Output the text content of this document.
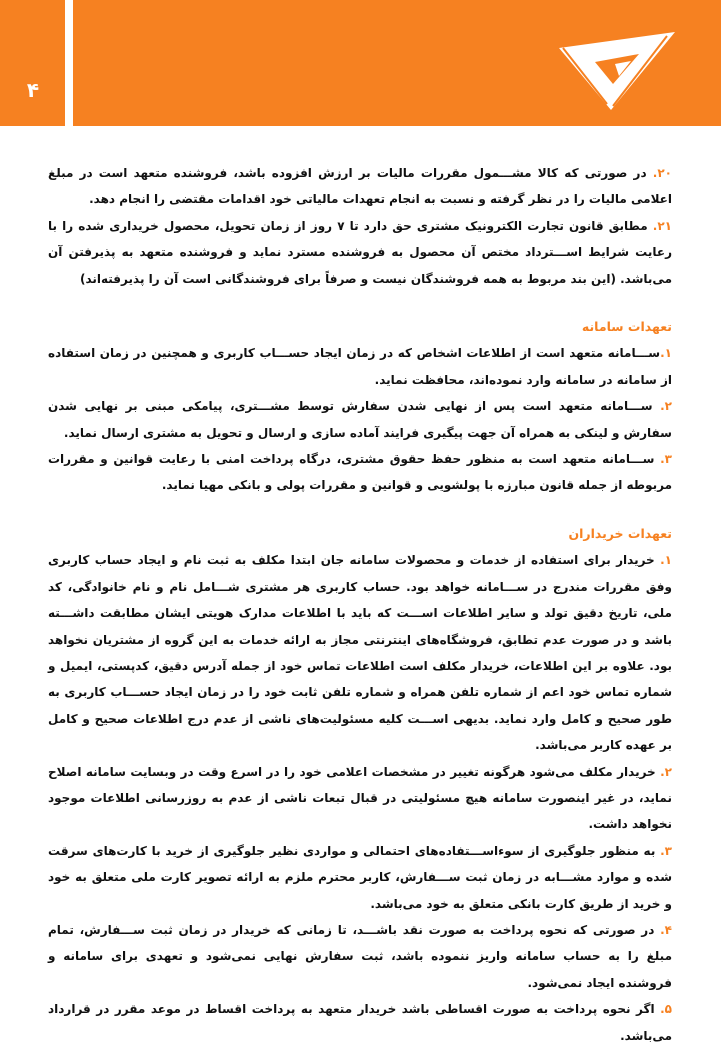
۴

۲۰. در صورتی که کالا مشـــمول مقررات مالیات بر ارزش افزوده باشد، فروشنده متعهد است در مبلغ اعلامی مالیات را در نظر گرفته و نسبت به انجام تعهدات مالیاتی خود اقدامات مقتضی را انجام دهد.

۲۱. مطابق قانون تجارت الکترونیک مشتری حق دارد تا ۷ روز از زمان تحویل، محصول خریداری شده را با رعایت شرایط اســـترداد مختص آن محصول به فروشنده مسترد نماید و فروشنده متعهد به پذیرفتن آن می‌باشد. (این بند مربوط به همه فروشندگان نیست و صرفاً برای فروشندگانی است آن را پذیرفته‌اند)

تعهدات سامانه

۱.ســـامانه متعهد است از اطلاعات اشخاص که در زمان ایجاد حســـاب کاربری و همچنین در زمان استفاده از سامانه در سامانه وارد نموده‌اند، محافظت نماید.

۲. ســـامانه متعهد است پس از نهایی شدن سفارش توسط مشـــتری، پیامکی مبنی بر نهایی شدن سفارش و لینکی به همراه آن جهت پیگیری فرایند آماده سازی و ارسال و تحویل به مشتری ارسال نماید.

۳. ســـامانه متعهد است به منظور حفظ حقوق مشتری، درگاه پرداخت امنی با رعایت قوانین و مقررات مربوطه از جمله قانون مبارزه با پولشویی و قوانین و مقررات پولی و بانکی مهیا نماید.

تعهدات خریداران

۱. خریدار برای استفاده از خدمات و محصولات سامانه جان ابتدا مکلف به ثبت نام و ایجاد حساب کاربری وفق مقررات مندرج در ســـامانه خواهد بود. حساب کاربری هر مشتری شـــامل نام و نام خانوادگی، کد ملی، تاریخ دقیق تولد و سایر اطلاعات اســـت که باید با اطلاعات مدارک هویتی ایشان مطابقت داشـــته باشد و در صورت عدم تطابق، فروشگاه‌های اینترنتی مجاز به ارائه خدمات به این گروه از مشتریان نخواهد بود. علاوه بر این اطلاعات، خریدار مکلف است اطلاعات تماس خود از جمله آدرس دقیق، کدپستی، ایمیل و شماره تماس خود اعم از شماره تلفن همراه و شماره تلفن ثابت خود را در زمان ایجاد حســـاب کاربری به طور صحیح و کامل وارد نماید. بدیهی اســـت کلیه مسئولیت‌های ناشی از عدم درج اطلاعات صحیح و کامل بر عهده کاربر می‌باشد.

۲. خریدار مکلف می‌شود هرگونه تغییر در مشخصات اعلامی خود را در اسرع وقت در وبسایت سامانه اصلاح نماید، در غیر اینصورت سامانه هیچ مسئولیتی در قبال تبعات ناشی از عدم به روزرسانی اطلاعات موجود نخواهد داشت.

۳. به منظور جلوگیری از سوءاســـتفاده‌های احتمالی و مواردی نظیر جلوگیری از خرید با کارت‌های سرقت شده و موارد مشـــابه در زمان ثبت ســـفارش، کاربر محترم ملزم به ارائه تصویر کارت ملی متعلق به خود و خرید از طریق کارت بانکی متعلق به خود می‌باشد.

۴. در صورتی که نحوه پرداخت به صورت نقد باشـــد، تا زمانی که خریدار در زمان ثبت ســـفارش، تمام مبلغ را به حساب سامانه واریز ننموده باشد، ثبت سفارش نهایی نمی‌شود و تعهدی برای سامانه و فروشنده ایجاد نمی‌شود.

۵. اگر نحوه پرداخت به صورت اقساطی باشد خریدار متعهد به پرداخت اقساط در موعد مقرر در قرارداد می‌باشد.
